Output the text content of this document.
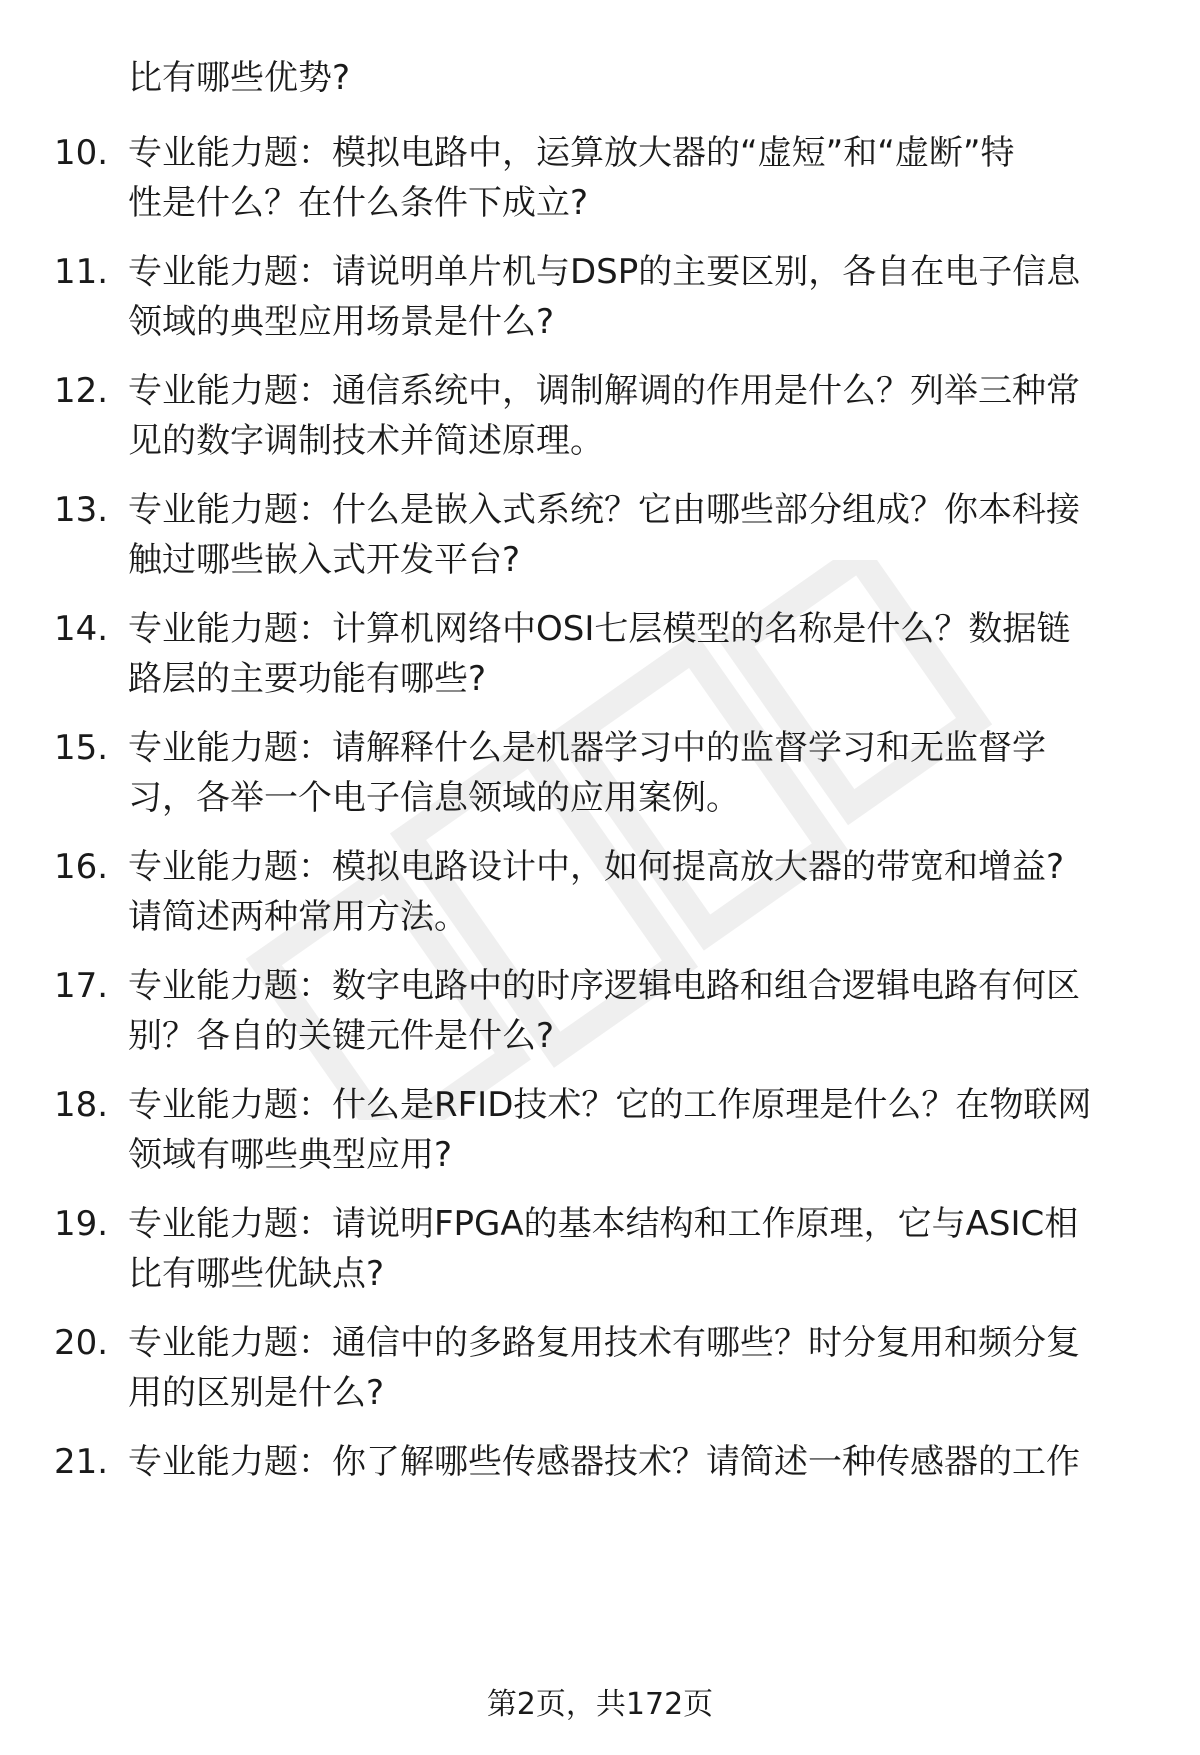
比有哪些优势?
10. 专业能力题：模拟电路中，运算放大器的“虚短”和“虚断”特
性是什么？在什么条件下成立?
11. 专业能力题：请说明单片机与DSP的主要区别，各自在电子信息
领域的典型应用场景是什么?
12. 专业能力题：通信系统中，调制解调的作用是什么？列举三种常
见的数字调制技术并简述原理。
13. 专业能力题：什么是嵌入式系统？它由哪些部分组成？你本科接
触过哪些嵌入式开发平台?
14. 专业能力题：计算机网络中OSI七层模型的名称是什么？数据链
路层的主要功能有哪些?
15. 专业能力题：请解释什么是机器学习中的监督学习和无监督学
习，各举一个电子信息领域的应用案例。
16. 专业能力题：模拟电路设计中，如何提高放大器的带宽和增益?
请简述两种常用方法。
17. 专业能力题：数字电路中的时序逻辑电路和组合逻辑电路有何区
别？各自的关键元件是什么?
18. 专业能力题：什么是RFID技术？它的工作原理是什么？在物联网
领域有哪些典型应用?
19. 专业能力题：请说明FPGA的基本结构和工作原理，它与ASIC相
比有哪些优缺点?
20. 专业能力题：通信中的多路复用技术有哪些？时分复用和频分复
用的区别是什么?
21. 专业能力题：你了解哪些传感器技术？请简述一种传感器的工作
第2页，共172页
